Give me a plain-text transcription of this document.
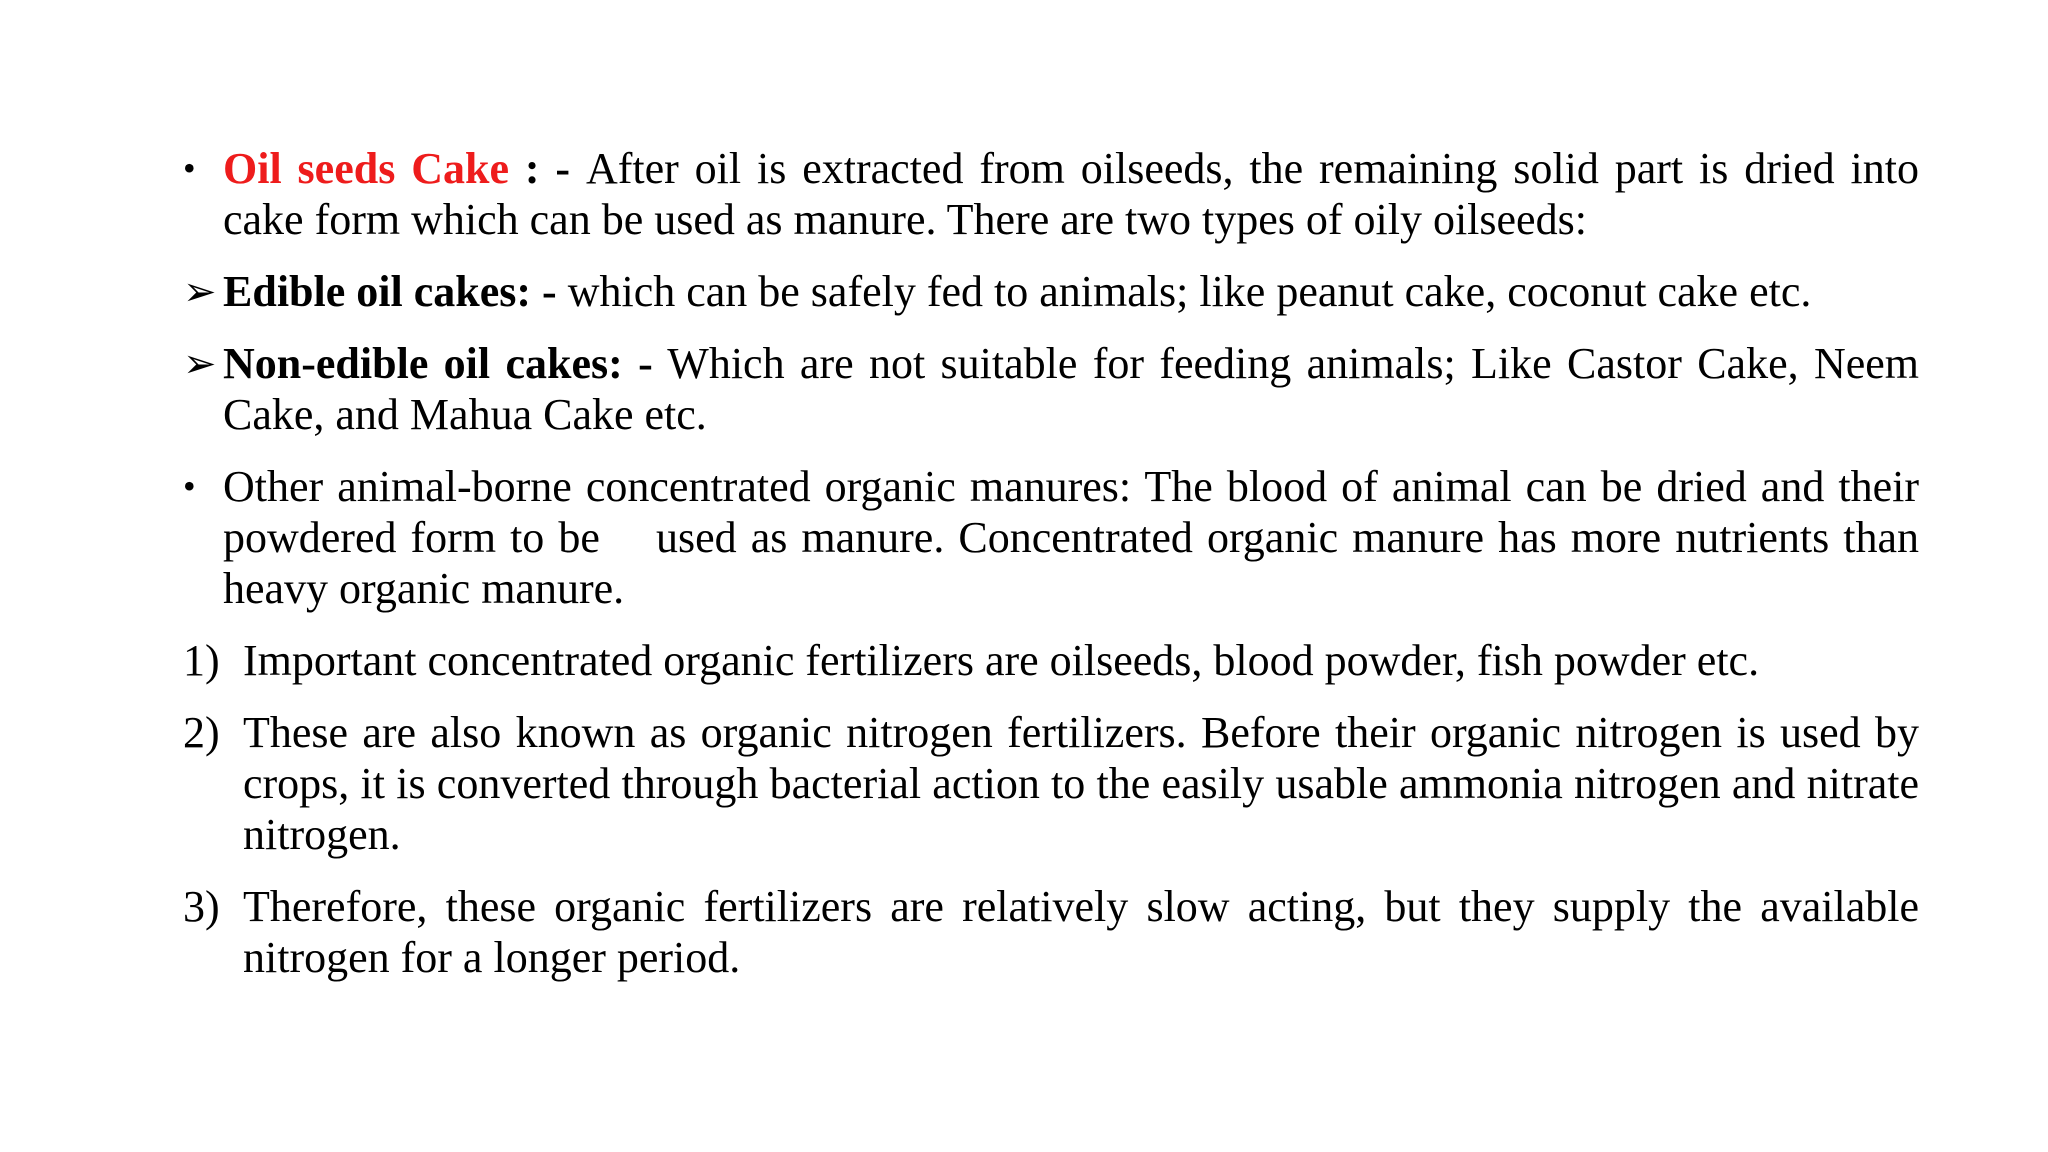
• Oil seeds Cake : - After oil is extracted from oilseeds, the remaining solid part is dried into cake form which can be used as manure. There are two types of oily oilseeds:

➢ Edible oil cakes: - which can be safely fed to animals; like peanut cake, coconut cake etc.

➢ Non-edible oil cakes: - Which are not suitable for feeding animals; Like Castor Cake, Neem Cake, and Mahua Cake etc.

• Other animal-borne concentrated organic manures: The blood of animal can be dried and their powdered form to be    used as manure. Concentrated organic manure has more nutrients than heavy organic manure.

1) Important concentrated organic fertilizers are oilseeds, blood powder, fish powder etc.

2) These are also known as organic nitrogen fertilizers. Before their organic nitrogen is used by crops, it is converted through bacterial action to the easily usable ammonia nitrogen and nitrate nitrogen.

3) Therefore, these organic fertilizers are relatively slow acting, but they supply the available nitrogen for a longer period.
